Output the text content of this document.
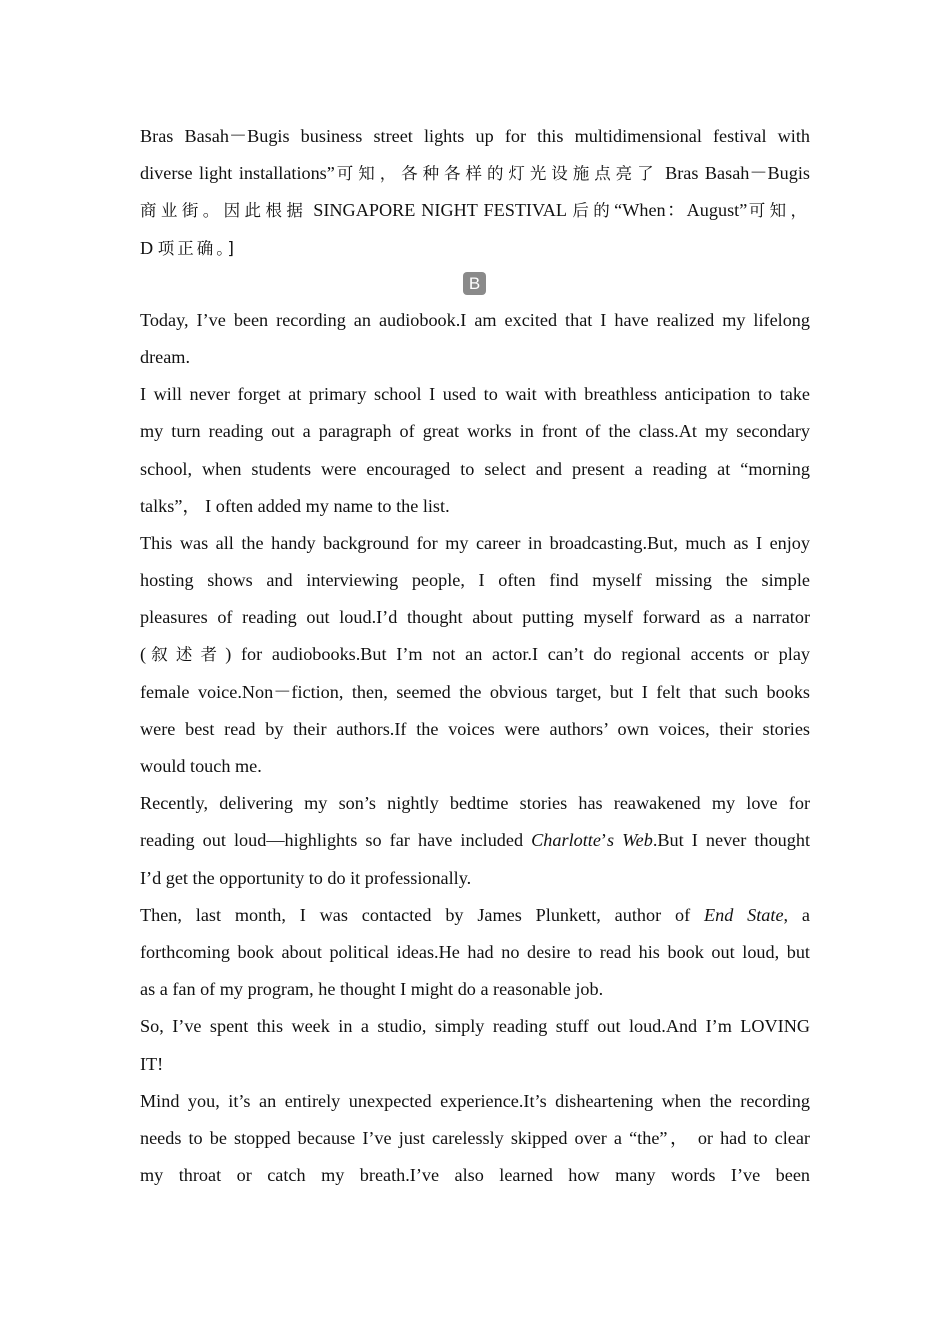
Bras Basah－Bugis business street lights up for this multidimensional festival with
diverse light installations”可知，各种各样的灯光设施点亮了 Bras Basah－Bugis
商业街。因此根据 SINGAPORE NIGHT FESTIVAL 后的“When：August”可知，
D 项正确。]
B
Today, I’ve been recording an audiobook.I am excited that I have realized my lifelong
dream.
I will never forget at primary school I used to wait with breathless anticipation to take
my turn reading out a paragraph of great works in front of the class.At my secondary
school, when students were encouraged to select and present a reading at “morning
talks”， I often added my name to the list.
This was all the handy background for my career in broadcasting.But, much as I enjoy
hosting shows and interviewing people, I often find myself missing the simple
pleasures of reading out loud.I’d thought about putting myself forward as a narrator
(叙述者) for audiobooks.But I’m not an actor.I can’t do regional accents or play
female voice.Non－fiction, then, seemed the obvious target, but I felt that such books
were best read by their authors.If the voices were authors’ own voices, their stories
would touch me.
Recently, delivering my son’s nightly bedtime stories has reawakened my love for
reading out loud—highlights so far have included Charlotte’s Web.But I never thought
I’d get the opportunity to do it professionally.
Then, last month, I was contacted by James Plunkett, author of End State, a
forthcoming book about political ideas.He had no desire to read his book out loud, but
as a fan of my program, he thought I might do a reasonable job.
So, I’ve spent this week in a studio, simply reading stuff out loud.And I’m LOVING
IT!
Mind you, it’s an entirely unexpected experience.It’s disheartening when the recording
needs to be stopped because I’ve just carelessly skipped over a “the”， or had to clear
my throat or catch my breath.I’ve also learned how many words I’ve been
